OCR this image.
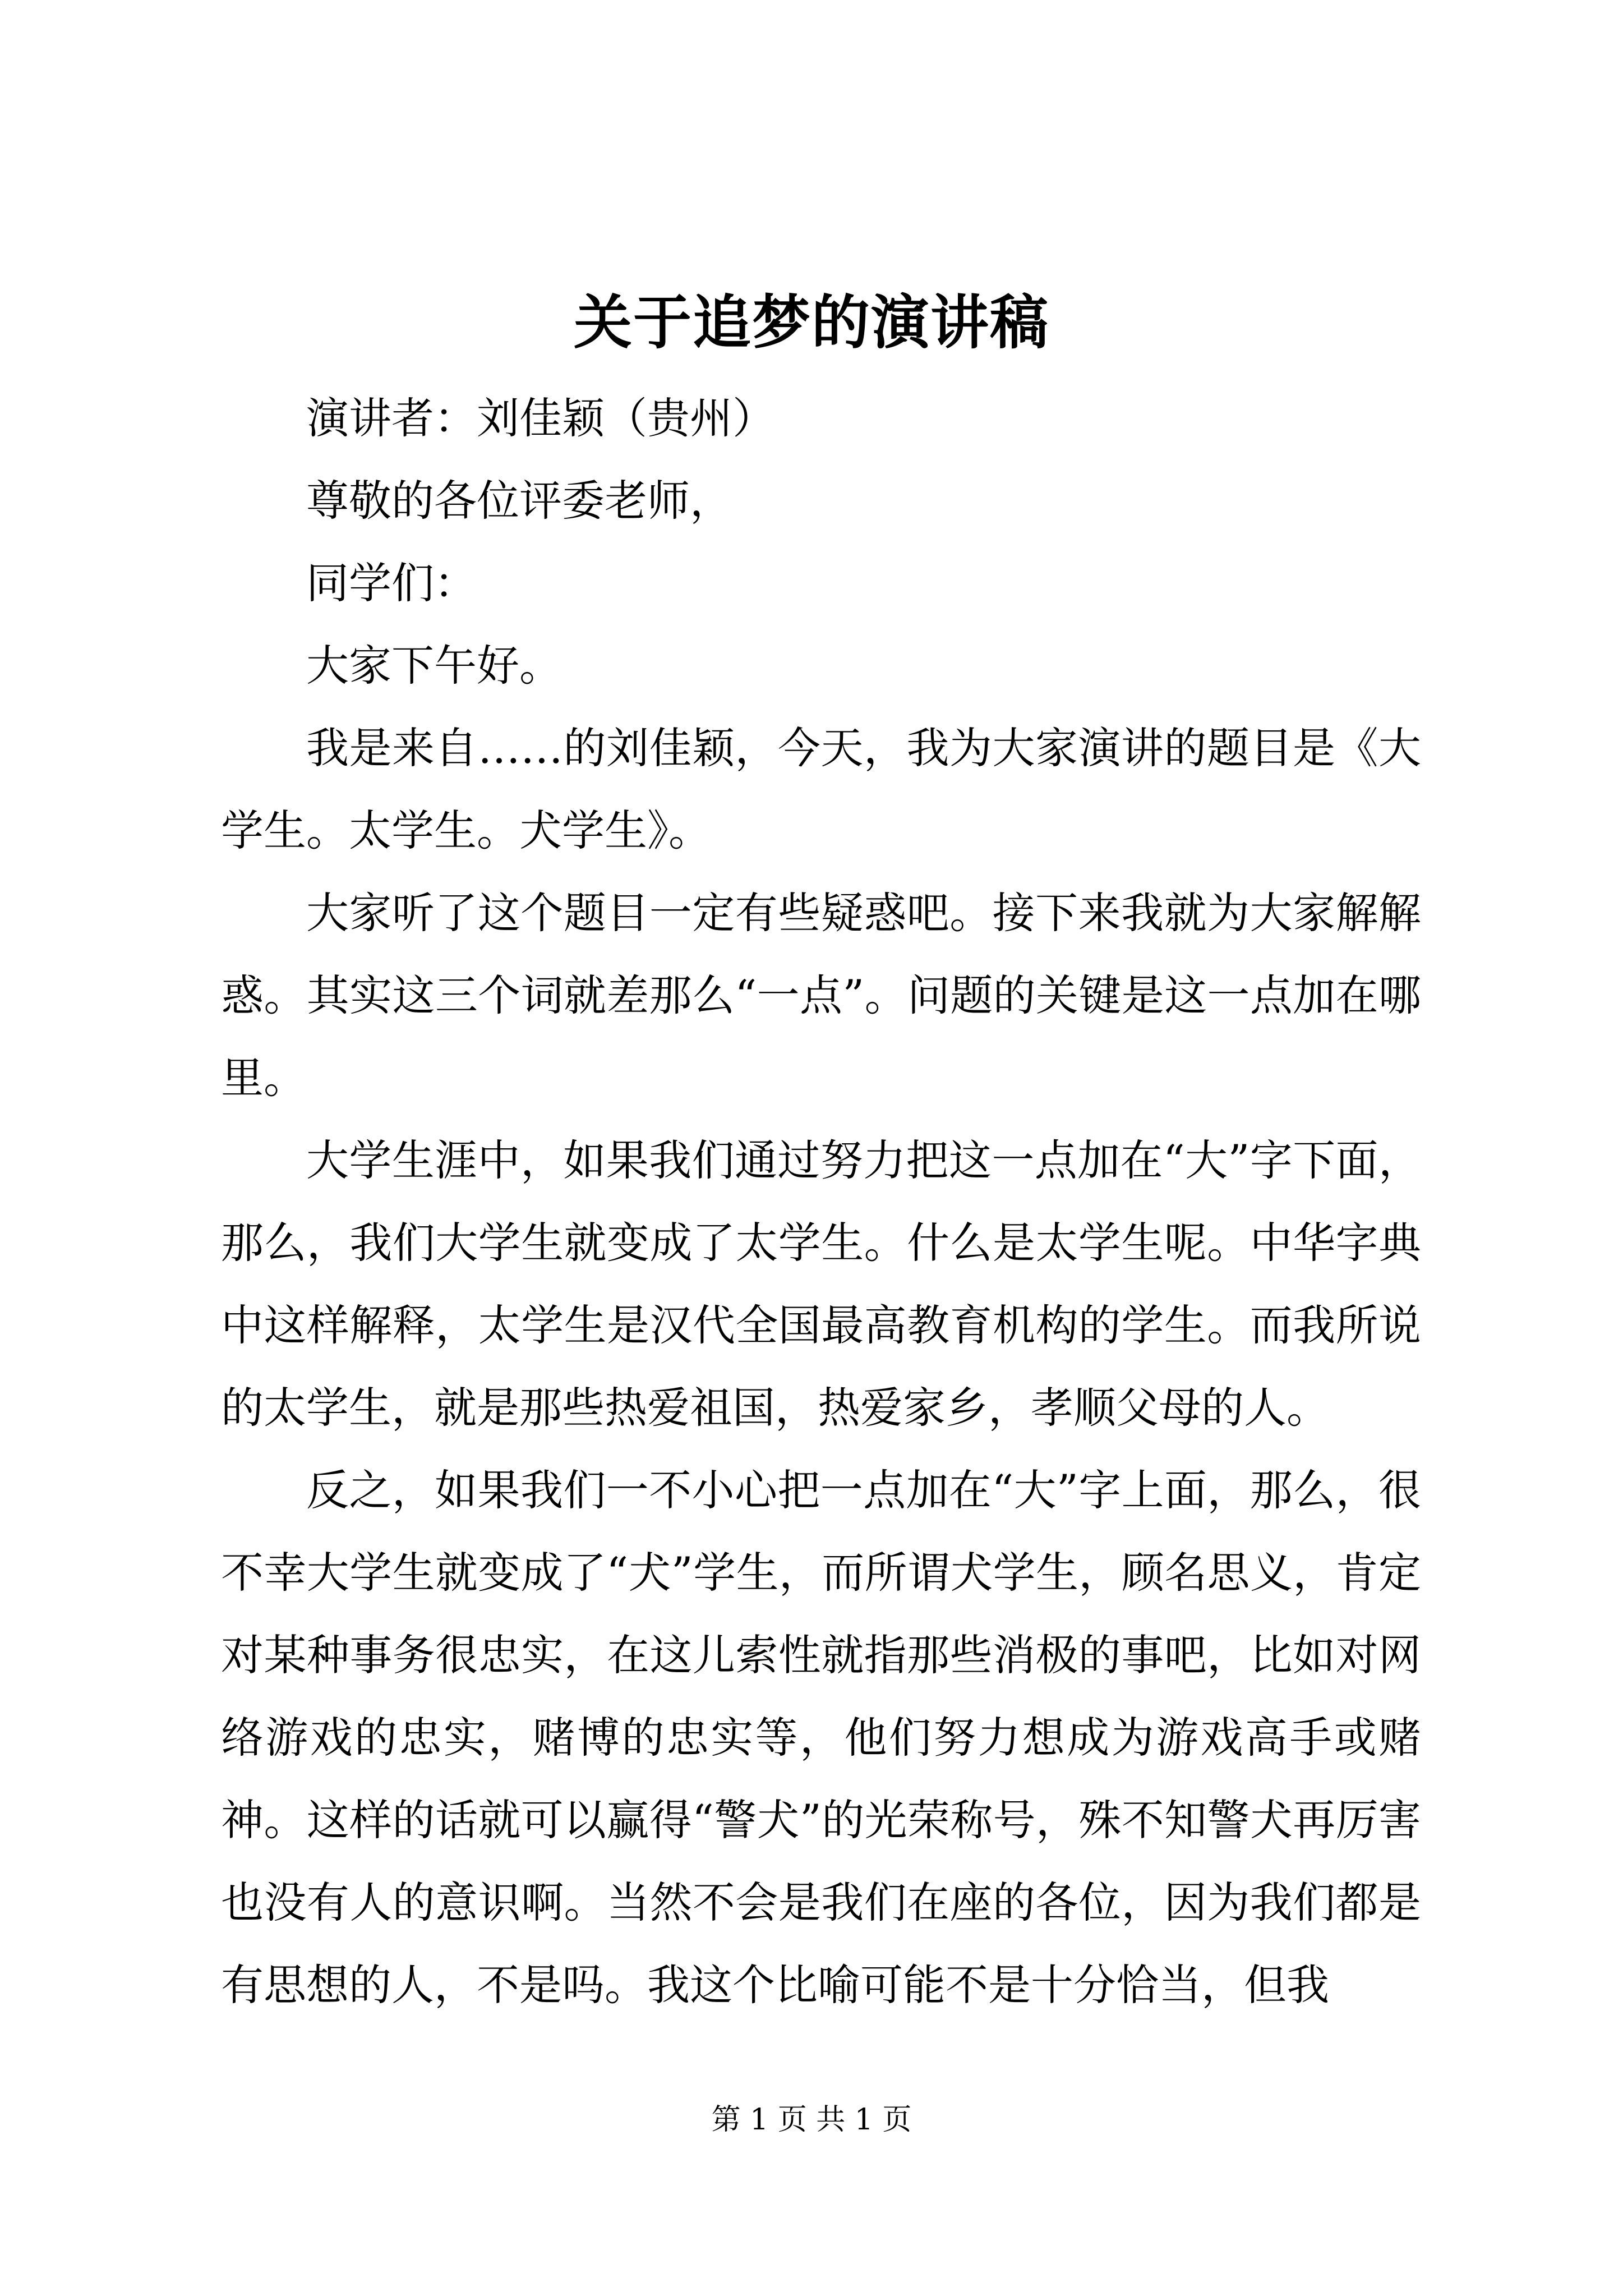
关于追梦的演讲稿

演讲者：刘佳颖（贵州）

尊敬的各位评委老师，

同学们：

大家下午好。

我是来自……的刘佳颖，今天，我为大家演讲的题目是《大学生。太学生。犬学生》。

大家听了这个题目一定有些疑惑吧。接下来我就为大家解解惑。其实这三个词就差那么“一点”。问题的关键是这一点加在哪里。

大学生涯中，如果我们通过努力把这一点加在“大”字下面，那么，我们大学生就变成了太学生。什么是太学生呢。中华字典中这样解释，太学生是汉代全国最高教育机构的学生。而我所说的太学生，就是那些热爱祖国，热爱家乡，孝顺父母的人。

反之，如果我们一不小心把一点加在“大”字上面，那么，很不幸大学生就变成了“犬”学生，而所谓犬学生，顾名思义，肯定对某种事务很忠实，在这儿索性就指那些消极的事吧，比如对网络游戏的忠实，赌博的忠实等，他们努力想成为游戏高手或赌神。这样的话就可以赢得“警犬”的光荣称号，殊不知警犬再厉害也没有人的意识啊。当然不会是我们在座的各位，因为我们都是有思想的人，不是吗。我这个比喻可能不是十分恰当，但我

第 1 页 共 1 页
